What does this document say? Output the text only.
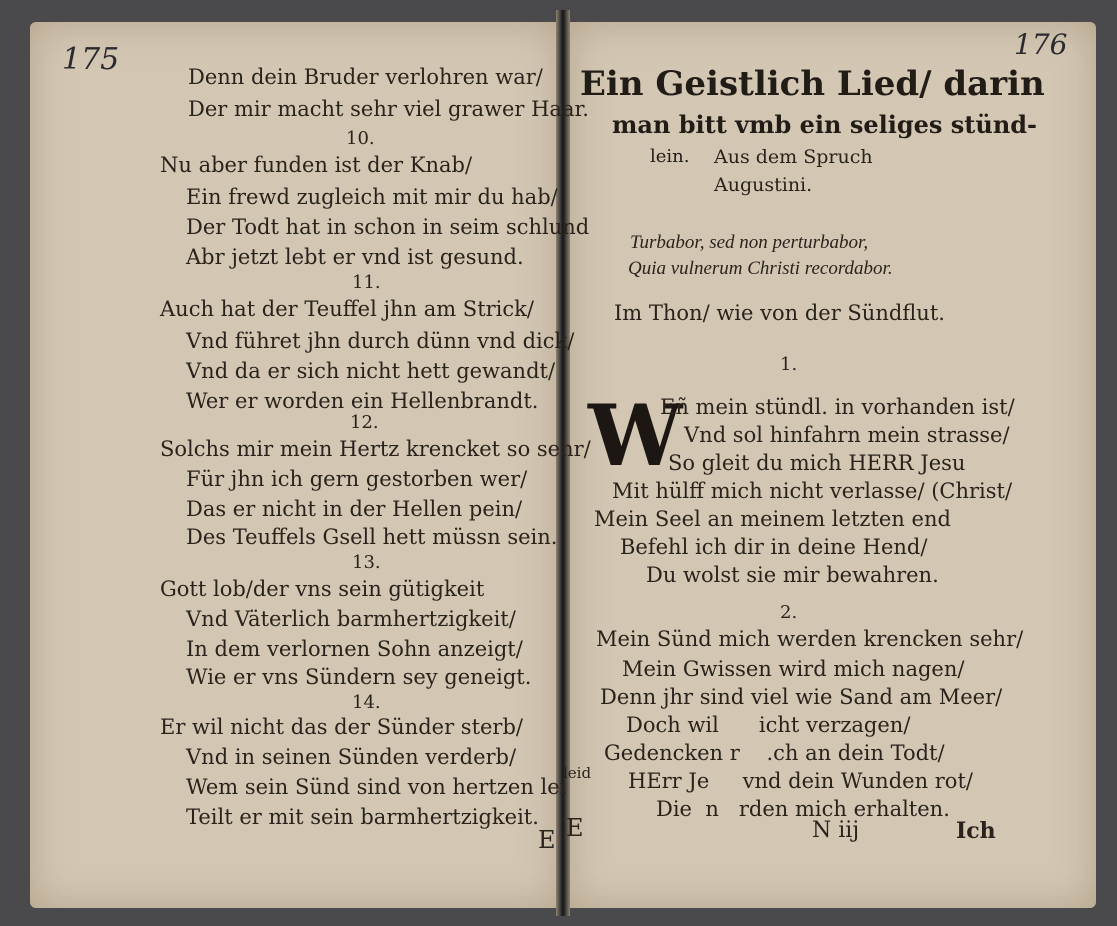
175	176
Denn dein Bruder verlohren war/
Der mir macht sehr viel grawer Haar.
10.
Nu aber funden ist der Knab/
Ein frewd zugleich mit mir du hab/
Der Todt hat in schon in seim schlund
Abr jetzt lebt er vnd ist gesund.
11.
Auch hat der Teuffel jhn am Strick/
Vnd führet jhn durch dünn vnd dick/
Vnd da er sich nicht hett gewandt/
Wer er worden ein Hellenbrandt.
12.
Solchs mir mein Hertz krencket so sehr/
Für jhn ich gern gestorben wer/
Das er nicht in der Hellen pein/
Des Teuffels Gsell hett müssn sein.
13.
Gott lob/der vns sein gütigkeit
Vnd Väterlich barmhertzigkeit/
In dem verlornen Sohn anzeigt/
Wie er vns Sündern sey geneigt.
14.
Er wil nicht das der Sünder sterb/
Vnd in seinen Sünden verderb/
Wem sein Sünd sind von hertzen lei
Teilt er mit sein barmhertzigkeit.
leid
E
Ein Geistlich Lied/ darin
man bitt vmb ein seliges stünd-
lein. Aus dem Spruch
Augustini.
Turbabor, sed non perturbabor,
Quia vulnerum Christi recordabor.
Im Thon/ wie von der Sündflut.
1.
W
Eñ mein stündl. in vorhanden ist/
Vnd sol hinfahrn mein strasse/
So gleit du mich HERR Jesu
Mit hülff mich nicht verlasse/ (Christ/
Mein Seel an meinem letzten end
Befehl ich dir in deine Hend/
Du wolst sie mir bewahren.
2.
Mein Sünd mich werden krencken sehr/
Mein Gwissen wird mich nagen/
Denn jhr sind viel wie Sand am Meer/
Doch wil      icht verzagen/
Gedencken r    .ch an dein Todt/
HErr Je     vnd dein Wunden rot/
Die  n   rden mich erhalten.
N iij	Ich
E
